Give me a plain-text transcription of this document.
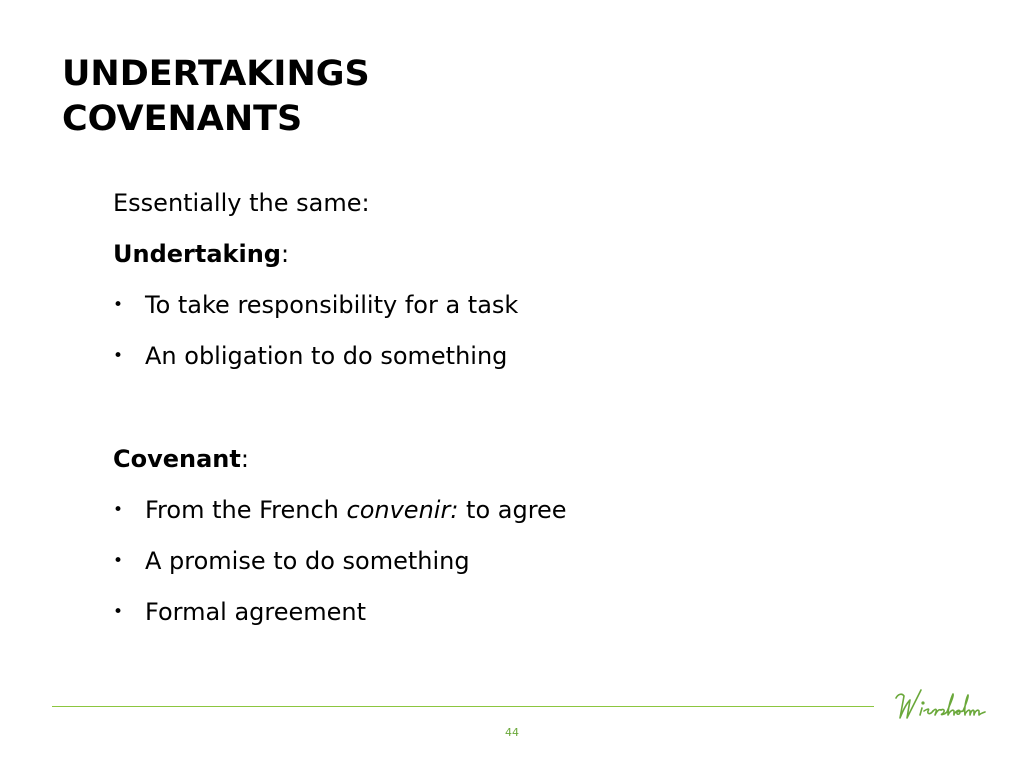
UNDERTAKINGS
COVENANTS
Essentially the same:
Undertaking:
• To take responsibility for a task
• An obligation to do something
Covenant:
• From the French convenir: to agree
• A promise to do something
• Formal agreement
44
